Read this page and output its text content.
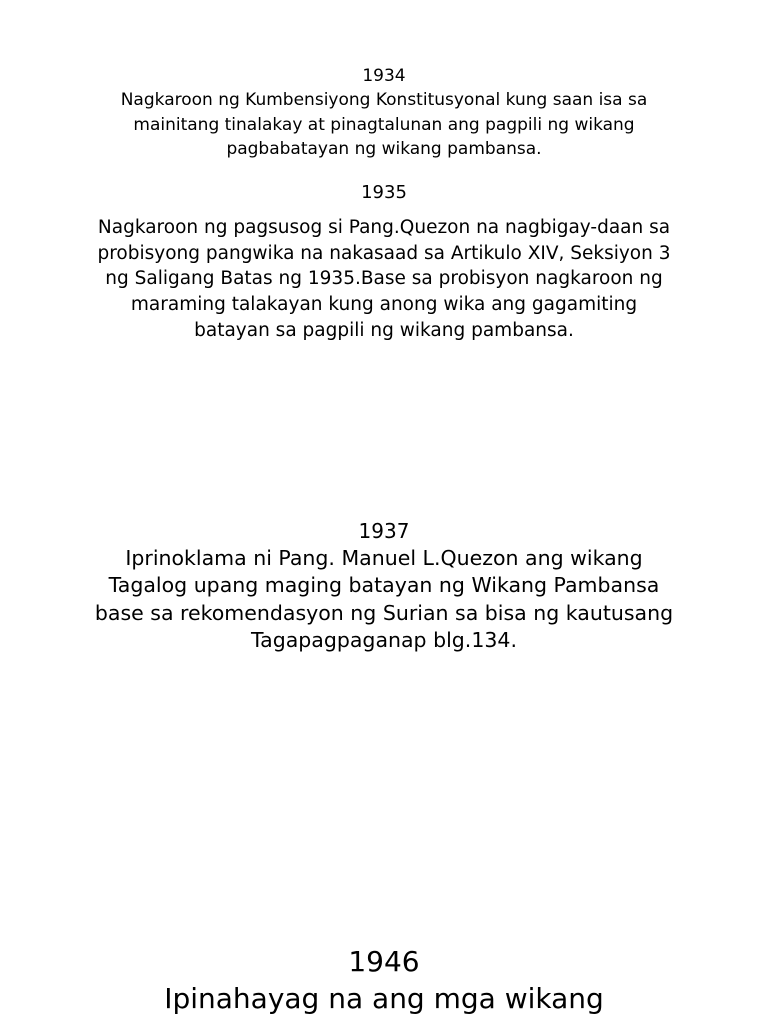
1934

Nagkaroon ng Kumbensiyong Konstitusyonal kung saan isa sa mainitang tinalakay at pinagtalunan ang pagpili ng wikang pagbabatayan ng wikang pambansa.

1935

Nagkaroon ng pagsusog si Pang.Quezon na nagbigay-daan sa probisyong pangwika na nakasaad sa Artikulo XIV, Seksiyon 3 ng Saligang Batas ng 1935.Base sa probisyon nagkaroon ng maraming talakayan kung anong wika ang gagamiting batayan sa pagpili ng wikang pambansa.

1937

Iprinoklama ni Pang. Manuel L.Quezon ang wikang Tagalog upang maging batayan ng Wikang Pambansa base sa rekomendasyon ng Surian sa bisa ng kautusang Tagapagpaganap blg.134.

1946

Ipinahayag na ang mga wikang
